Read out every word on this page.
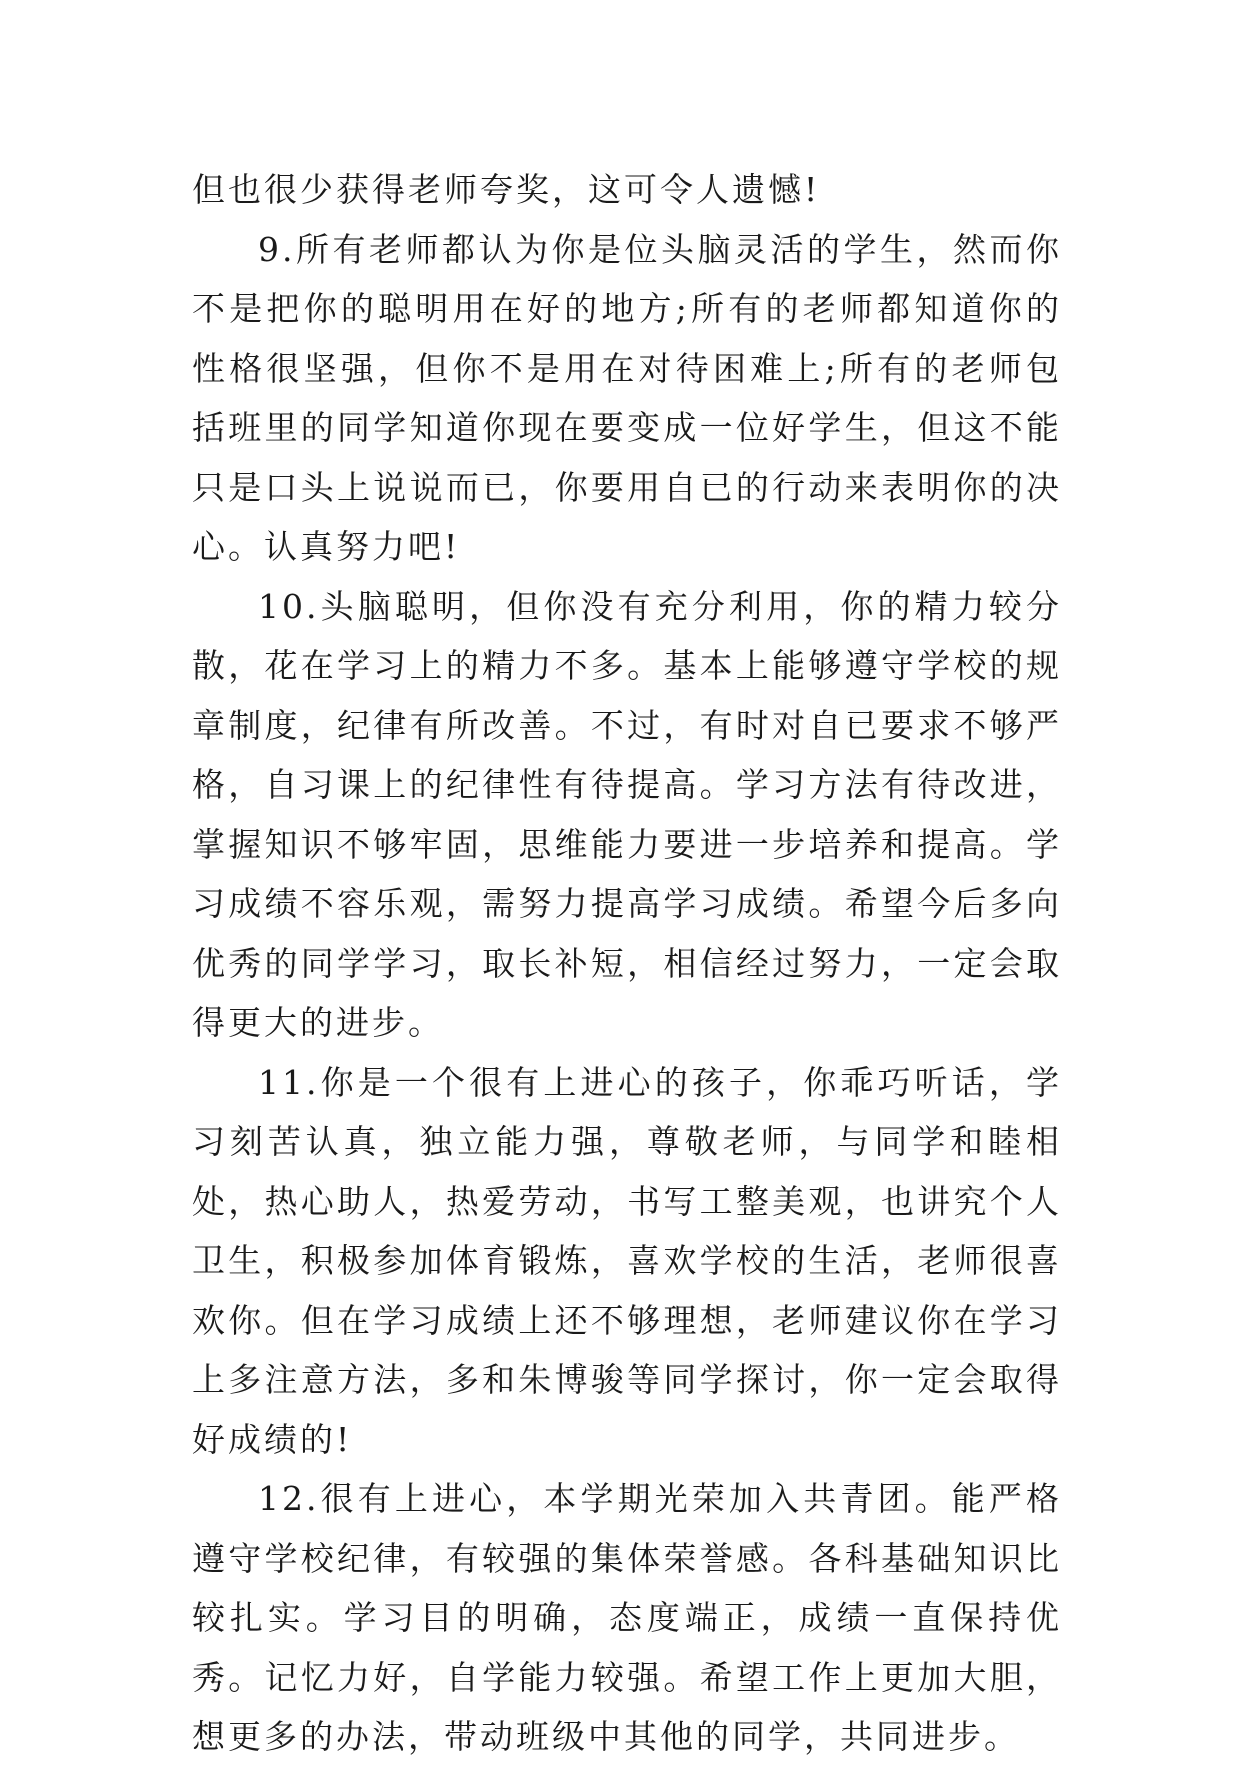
但也很少获得老师夸奖，这可令人遗憾!

9.所有老师都认为你是位头脑灵活的学生，然而你不是把你的聪明用在好的地方;所有的老师都知道你的性格很坚强，但你不是用在对待困难上;所有的老师包括班里的同学知道你现在要变成一位好学生，但这不能只是口头上说说而已，你要用自已的行动来表明你的决心。认真努力吧!

10.头脑聪明，但你没有充分利用，你的精力较分散，花在学习上的精力不多。基本上能够遵守学校的规章制度，纪律有所改善。不过，有时对自已要求不够严格，自习课上的纪律性有待提高。学习方法有待改进，掌握知识不够牢固，思维能力要进一步培养和提高。学习成绩不容乐观，需努力提高学习成绩。希望今后多向优秀的同学学习，取长补短，相信经过努力，一定会取得更大的进步。

11.你是一个很有上进心的孩子，你乖巧听话，学习刻苦认真，独立能力强，尊敬老师，与同学和睦相处，热心助人，热爱劳动，书写工整美观，也讲究个人卫生，积极参加体育锻炼，喜欢学校的生活，老师很喜欢你。但在学习成绩上还不够理想，老师建议你在学习上多注意方法，多和朱博骏等同学探讨，你一定会取得好成绩的!

12.很有上进心，本学期光荣加入共青团。能严格遵守学校纪律，有较强的集体荣誉感。各科基础知识比较扎实。学习目的明确，态度端正，成绩一直保持优秀。记忆力好，自学能力较强。希望工作上更加大胆，想更多的办法，带动班级中其他的同学，共同进步。
